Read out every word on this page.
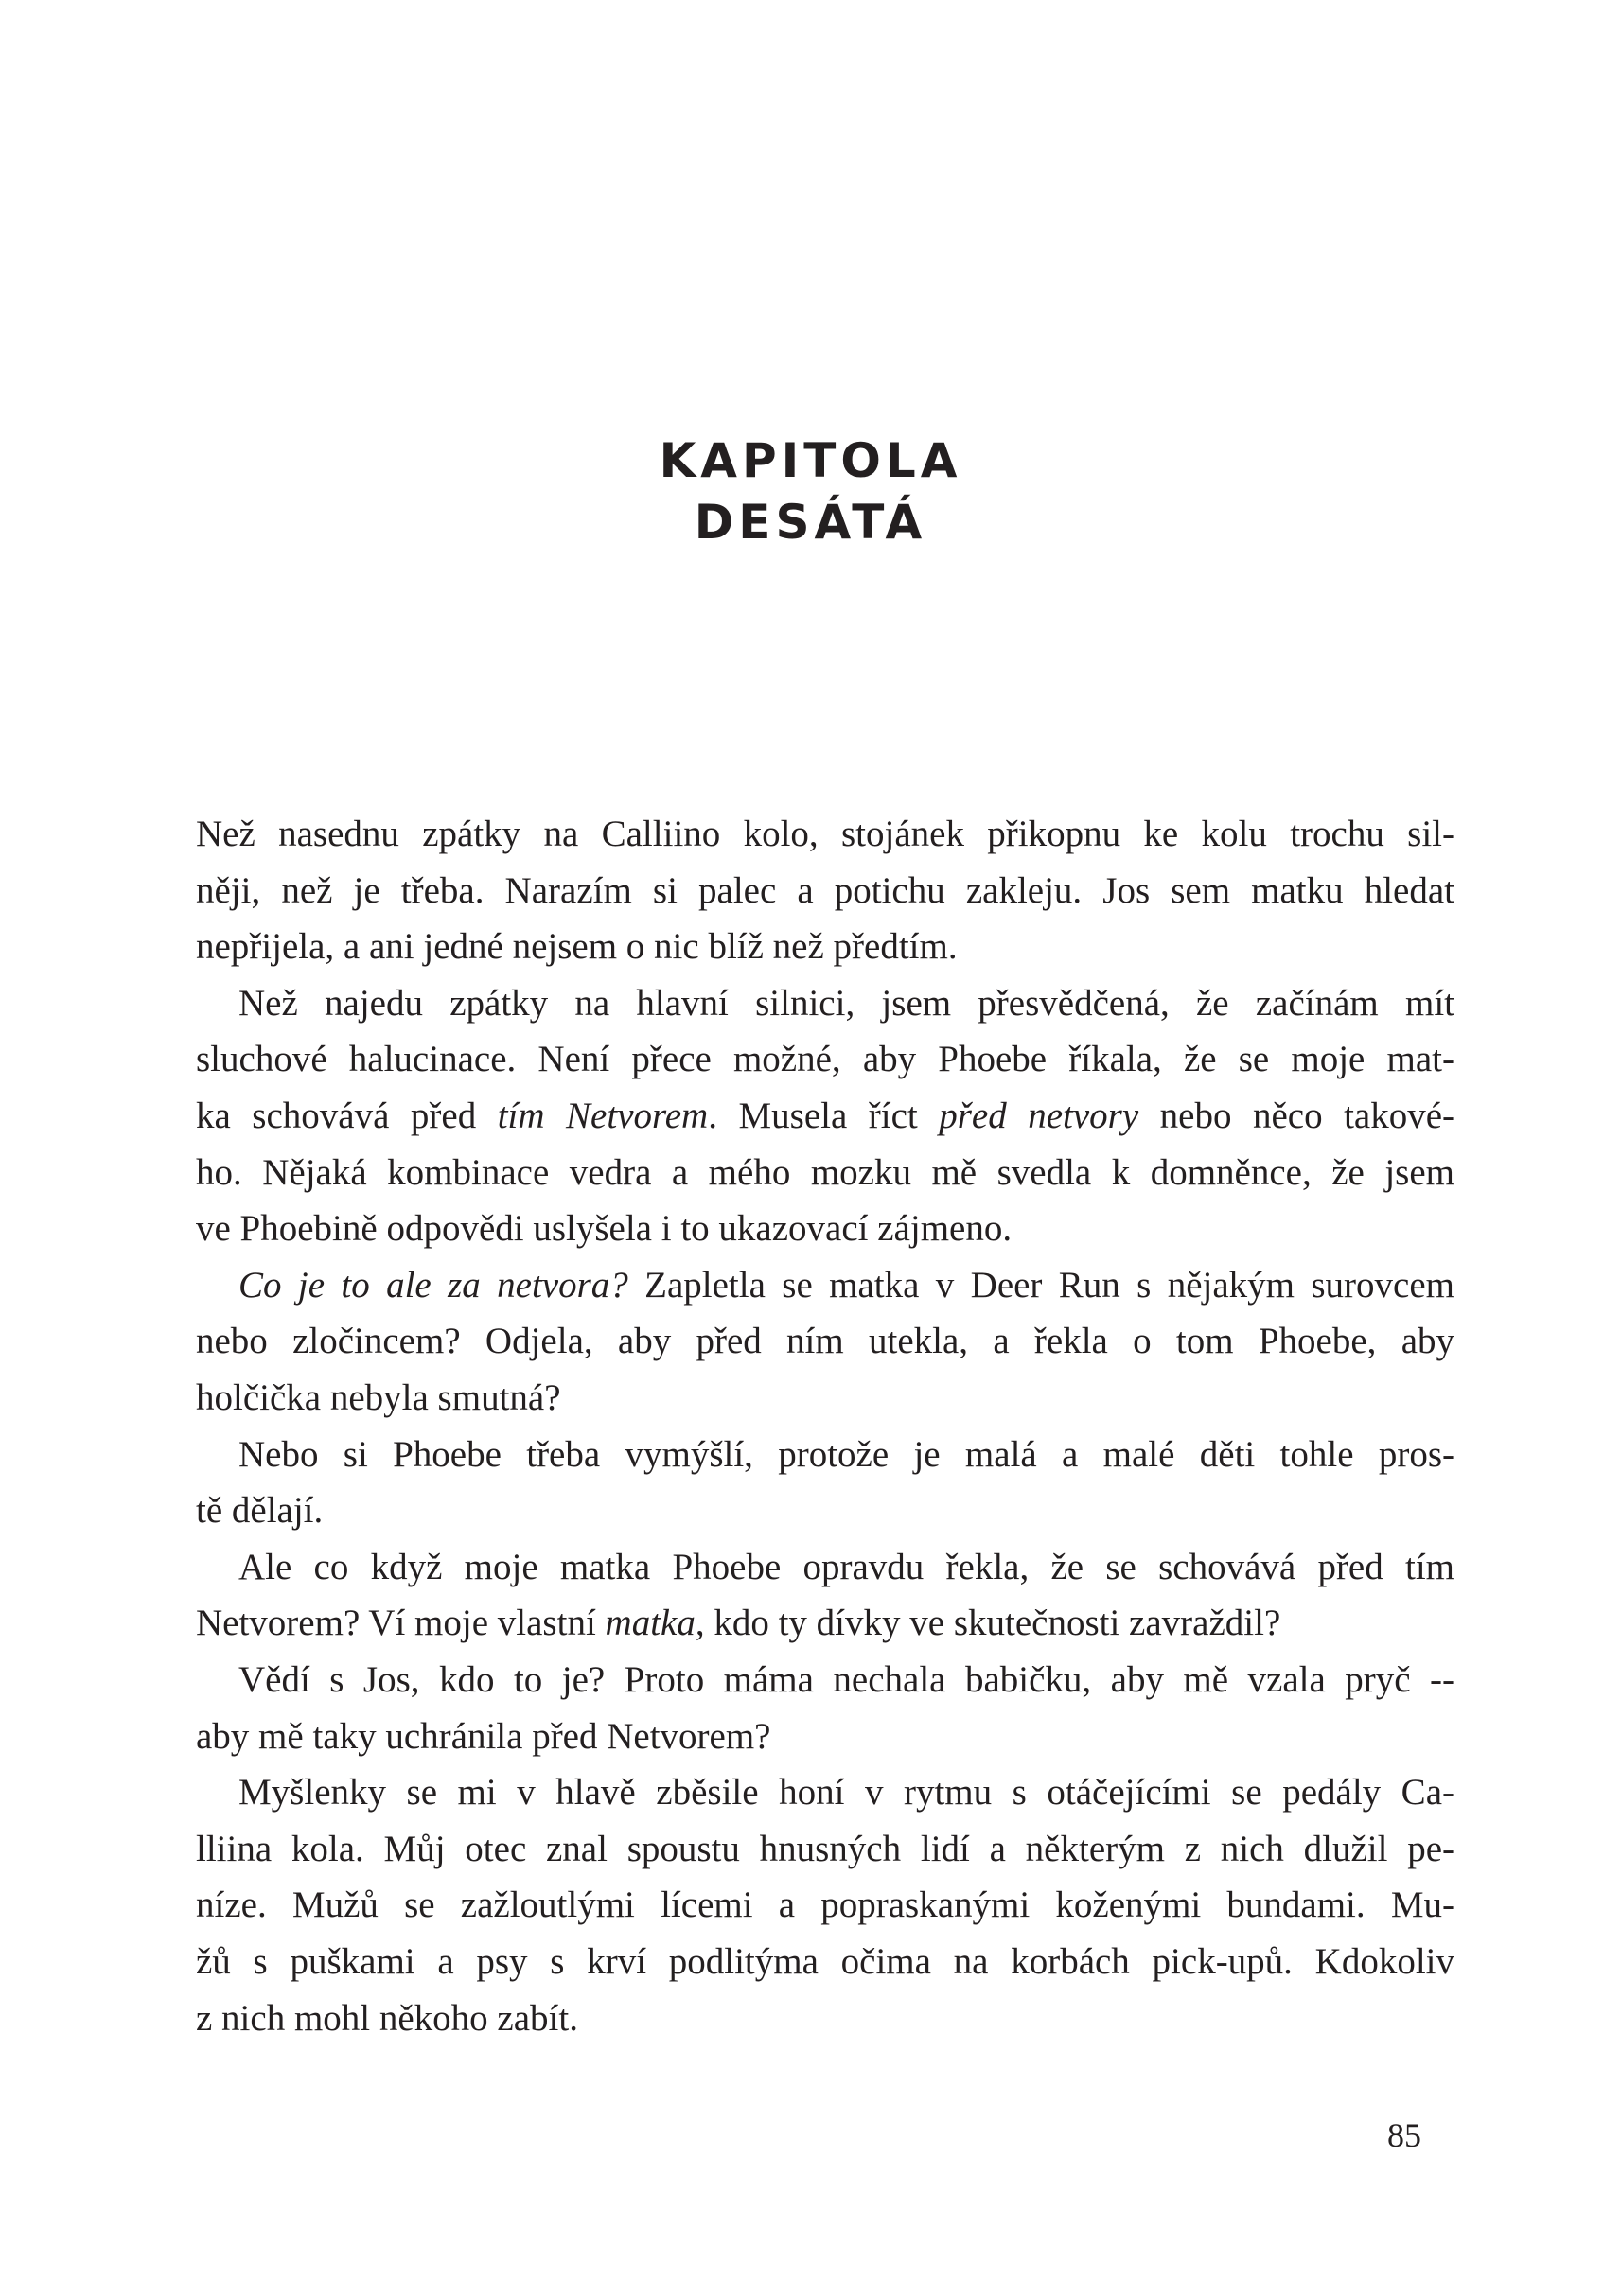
KAPITOLA
DESÁTÁ
Než nasednu zpátky na Calliino kolo, stojánek přikopnu ke kolu trochu sil-
něji, než je třeba. Narazím si palec a potichu zakleju. Jos sem matku hledat
nepřijela, a ani jedné nejsem o nic blíž než předtím.
Než najedu zpátky na hlavní silnici, jsem přesvědčená, že začínám mít
sluchové halucinace. Není přece možné, aby Phoebe říkala, že se moje mat-
ka schovává před tím Netvorem. Musela říct před netvory nebo něco takové-
ho. Nějaká kombinace vedra a mého mozku mě svedla k domněnce, že jsem
ve Phoebině odpovědi uslyšela i to ukazovací zájmeno.
Co je to ale za netvora? Zapletla se matka v Deer Run s nějakým surovcem
nebo zločincem? Odjela, aby před ním utekla, a řekla o tom Phoebe, aby
holčička nebyla smutná?
Nebo si Phoebe třeba vymýšlí, protože je malá a malé děti tohle pros-
tě dělají.
Ale co když moje matka Phoebe opravdu řekla, že se schovává před tím
Netvorem? Ví moje vlastní matka, kdo ty dívky ve skutečnosti zavraždil?
Vědí s Jos, kdo to je? Proto máma nechala babičku, aby mě vzala pryč --
aby mě taky uchránila před Netvorem?
Myšlenky se mi v hlavě zběsile honí v rytmu s otáčejícími se pedály Ca-
lliina kola. Můj otec znal spoustu hnusných lidí a některým z nich dlužil pe-
níze. Mužů se zažloutlými lícemi a popraskanými koženými bundami. Mu-
žů s puškami a psy s krví podlitýma očima na korbách pick-upů. Kdokoliv
z nich mohl někoho zabít.
85
